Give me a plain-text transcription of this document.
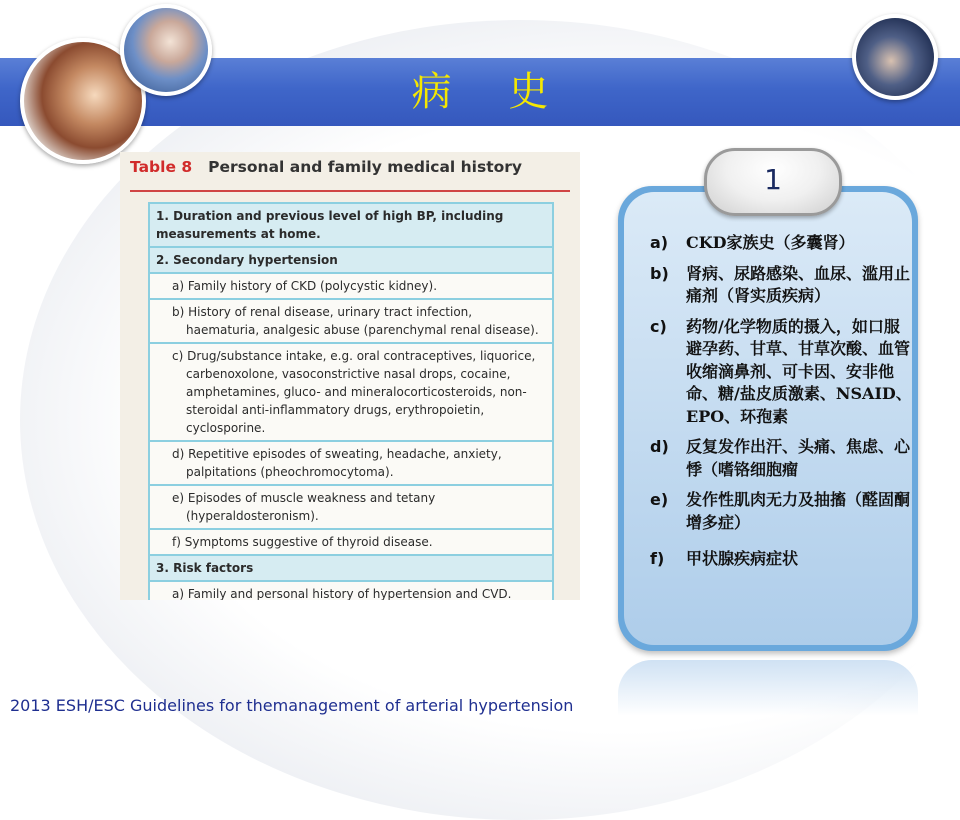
病 史
Table 8 Personal and family medical history
1. Duration and previous level of high BP, including measurements at home.
2. Secondary hypertension
a) Family history of CKD (polycystic kidney).
b) History of renal disease, urinary tract infection, haematuria, analgesic abuse (parenchymal renal disease).
c) Drug/substance intake, e.g. oral contraceptives, liquorice, carbenoxolone, vasoconstrictive nasal drops, cocaine, amphetamines, gluco- and mineralocorticosteroids, non-steroidal anti-inflammatory drugs, erythropoietin, cyclosporine.
d) Repetitive episodes of sweating, headache, anxiety, palpitations (pheochromocytoma).
e) Episodes of muscle weakness and tetany (hyperaldosteronism).
f) Symptoms suggestive of thyroid disease.
3. Risk factors
a) Family and personal history of hypertension and CVD.
1
a)	CKD家族史（多囊肾）
b)	肾病、尿路感染、血尿、滥用止痛剂（肾实质疾病）
c)	药物/化学物质的摄入，如口服避孕药、甘草、甘草次酸、血管收缩滴鼻剂、可卡因、安非他命、糖/盐皮质激素、NSAID、EPO、环孢素
d)	反复发作出汗、头痛、焦虑、心悸（嗜铬细胞瘤
e)	发作性肌肉无力及抽搐（醛固酮增多症）
f)	甲状腺疾病症状
2013 ESH/ESC Guidelines for themanagement of arterial hypertension
